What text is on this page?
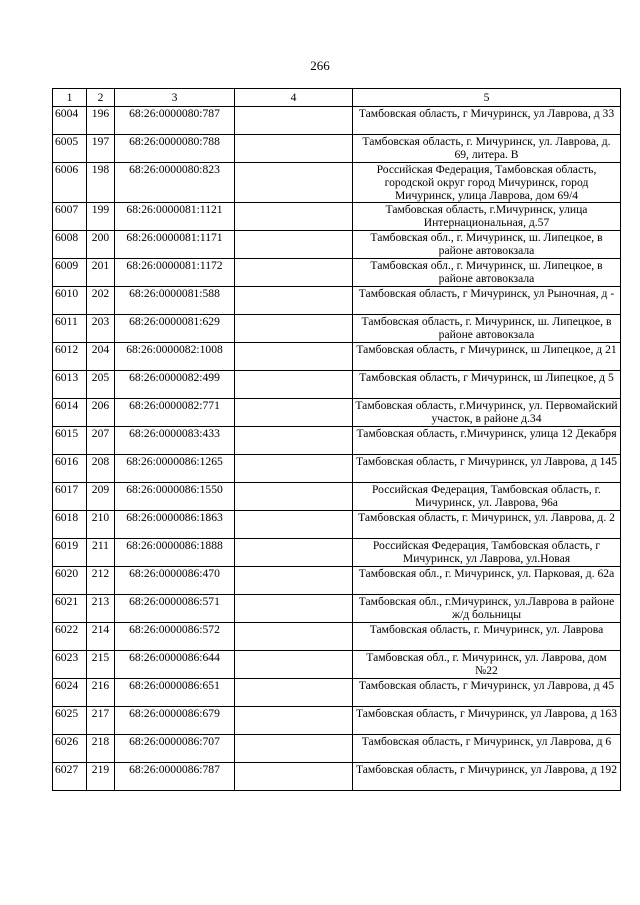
266
1	2	3	4	5
6004	196	68:26:0000080:787		Тамбовская область, г Мичуринск, ул Лаврова, д 33
6005	197	68:26:0000080:788		Тамбовская область, г. Мичуринск, ул. Лаврова, д. 69, литера. В
6006	198	68:26:0000080:823		Российская Федерация, Тамбовская область, городской округ город Мичуринск, город Мичуринск, улица Лаврова, дом 69/4
6007	199	68:26:0000081:1121		Тамбовская область, г.Мичуринск, улица Интернациональная, д.57
6008	200	68:26:0000081:1171		Тамбовская обл., г. Мичуринск, ш. Липецкое, в районе автовокзала
6009	201	68:26:0000081:1172		Тамбовская обл., г. Мичуринск, ш. Липецкое, в районе автовокзала
6010	202	68:26:0000081:588		Тамбовская область, г Мичуринск, ул Рыночная, д -
6011	203	68:26:0000081:629		Тамбовская область, г. Мичуринск, ш. Липецкое, в районе автовокзала
6012	204	68:26:0000082:1008		Тамбовская область, г Мичуринск, ш Липецкое, д 21
6013	205	68:26:0000082:499		Тамбовская область, г Мичуринск, ш Липецкое, д 5
6014	206	68:26:0000082:771		Тамбовская область, г.Мичуринск, ул. Первомайский участок, в районе д.34
6015	207	68:26:0000083:433		Тамбовская область, г.Мичуринск, улица 12 Декабря
6016	208	68:26:0000086:1265		Тамбовская область, г Мичуринск, ул Лаврова, д 145
6017	209	68:26:0000086:1550		Российская Федерация, Тамбовская область, г. Мичуринск, ул. Лаврова, 96а
6018	210	68:26:0000086:1863		Тамбовская область, г. Мичуринск, ул. Лаврова, д. 2
6019	211	68:26:0000086:1888		Российская Федерация, Тамбовская область, г Мичуринск, ул Лаврова, ул.Новая
6020	212	68:26:0000086:470		Тамбовская обл., г. Мичуринск, ул. Парковая, д. 62а
6021	213	68:26:0000086:571		Тамбовская обл., г.Мичуринск, ул.Лаврова в районе ж/д больницы
6022	214	68:26:0000086:572		Тамбовская область, г. Мичуринск, ул. Лаврова
6023	215	68:26:0000086:644		Тамбовская обл., г. Мичуринск, ул. Лаврова, дом №22
6024	216	68:26:0000086:651		Тамбовская область, г Мичуринск, ул Лаврова, д 45
6025	217	68:26:0000086:679		Тамбовская область, г Мичуринск, ул Лаврова, д 163
6026	218	68:26:0000086:707		Тамбовская область, г Мичуринск, ул Лаврова, д 6
6027	219	68:26:0000086:787		Тамбовская область, г Мичуринск, ул Лаврова, д 192
